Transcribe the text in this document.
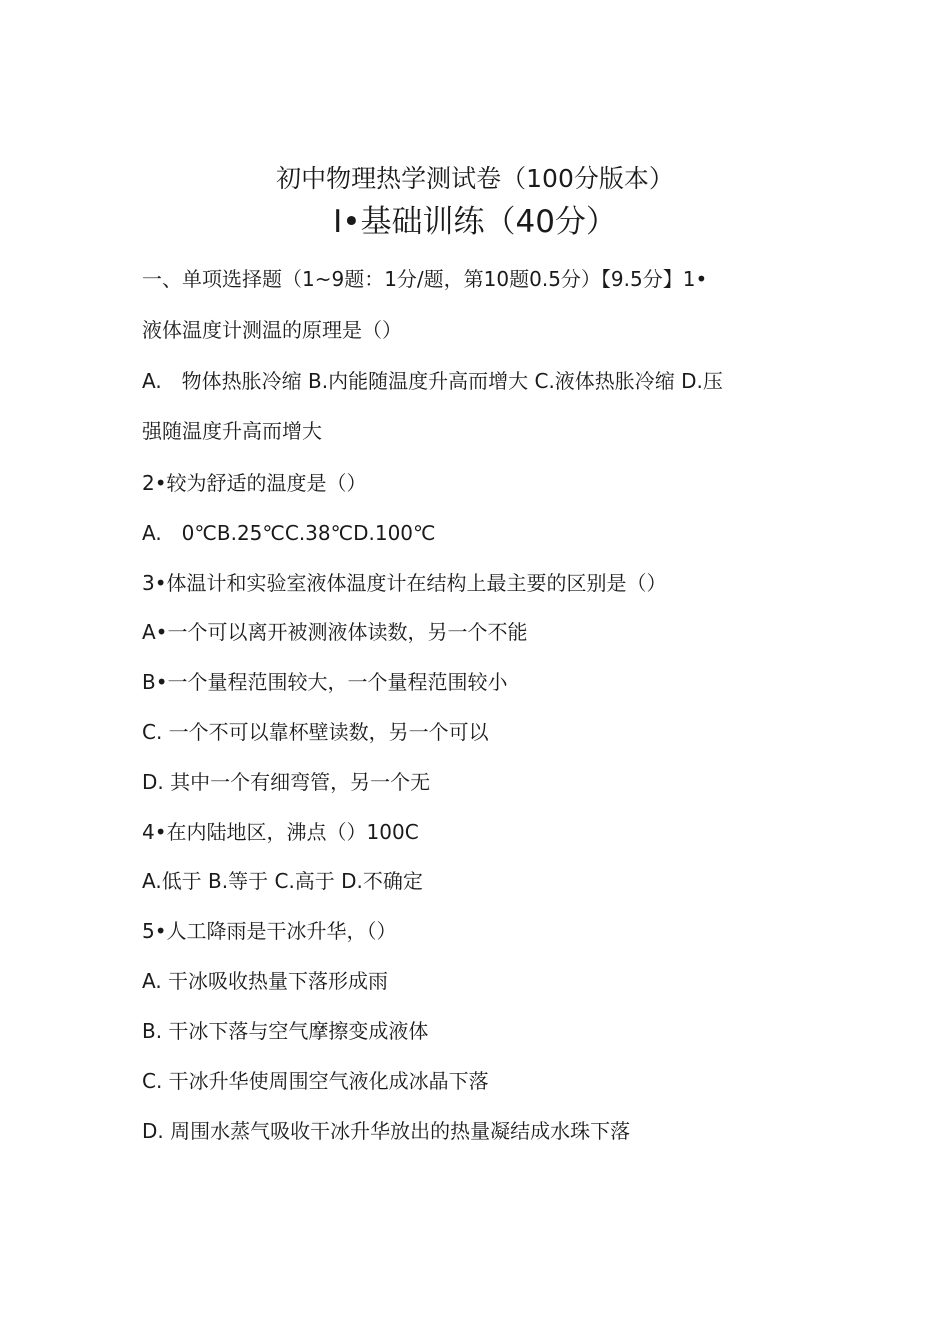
初中物理热学测试卷（100分版本）
I•基础训练（40分）
一、单项选择题（1~9题：1分/题，第10题0.5分）【9.5分】1•
液体温度计测温的原理是（）
A.　物体热胀冷缩 B.内能随温度升高而增大 C.液体热胀冷缩 D.压
强随温度升高而增大
2•较为舒适的温度是（）
A.　0℃B.25℃C.38℃D.100℃
3•体温计和实验室液体温度计在结构上最主要的区别是（）
A•一个可以离开被测液体读数，另一个不能
B•一个量程范围较大，一个量程范围较小
C. 一个不可以靠杯壁读数，另一个可以
D. 其中一个有细弯管，另一个无
4•在内陆地区，沸点（）100C
A.低于 B.等于 C.高于 D.不确定
5•人工降雨是干冰升华，（）
A. 干冰吸收热量下落形成雨
B. 干冰下落与空气摩擦变成液体
C. 干冰升华使周围空气液化成冰晶下落
D. 周围水蒸气吸收干冰升华放出的热量凝结成水珠下落
